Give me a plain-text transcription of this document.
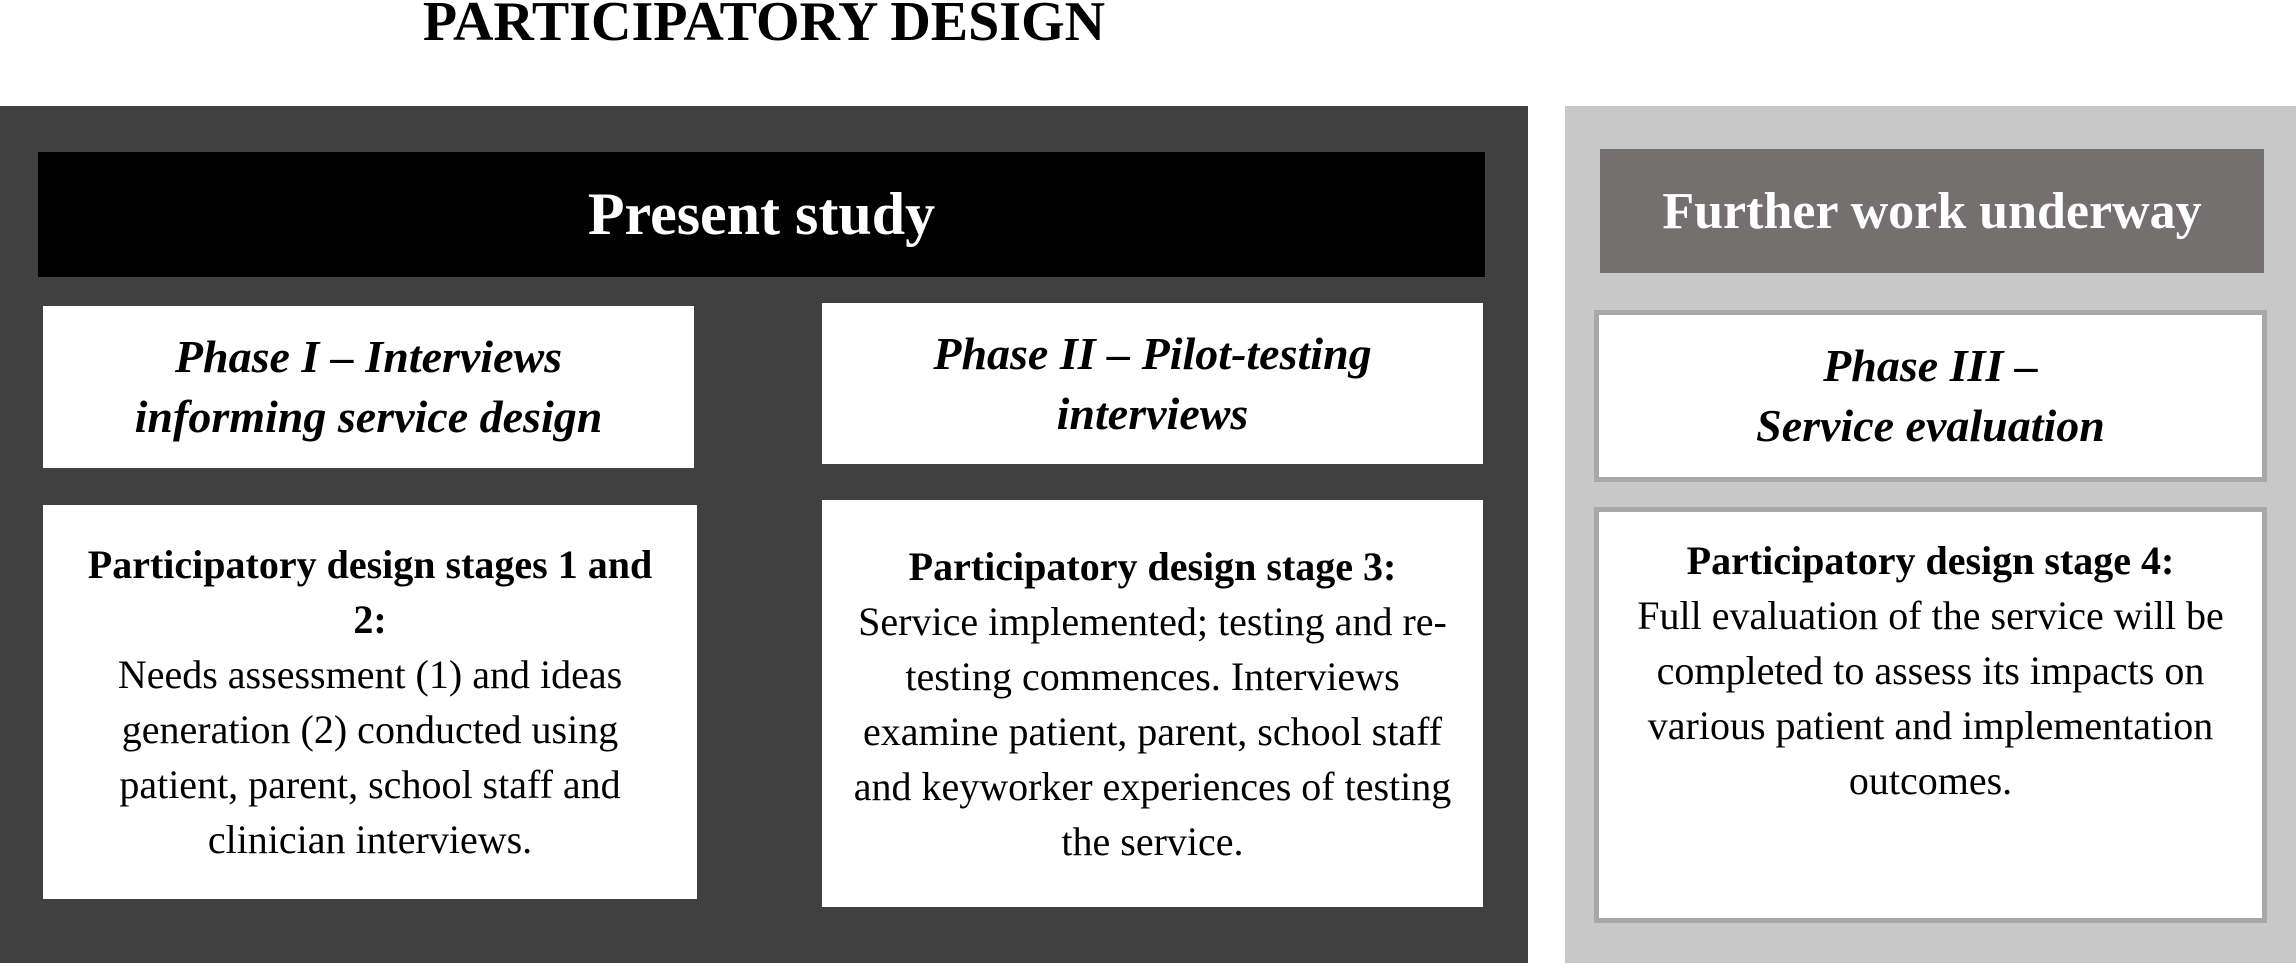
PARTICIPATORY DESIGN
Present study	Further work underway
Phase I – Interviews
informing service design
Phase II – Pilot-testing
interviews
Phase III –
Service evaluation
Participatory design stages 1 and 2:
Needs assessment (1) and ideas generation (2) conducted using patient, parent, school staff and clinician interviews.
Participatory design stage 3:
Service implemented; testing and re-testing commences. Interviews examine patient, parent, school staff and keyworker experiences of testing the service.
Participatory design stage 4:
Full evaluation of the service will be completed to assess its impacts on various patient and implementation outcomes.
